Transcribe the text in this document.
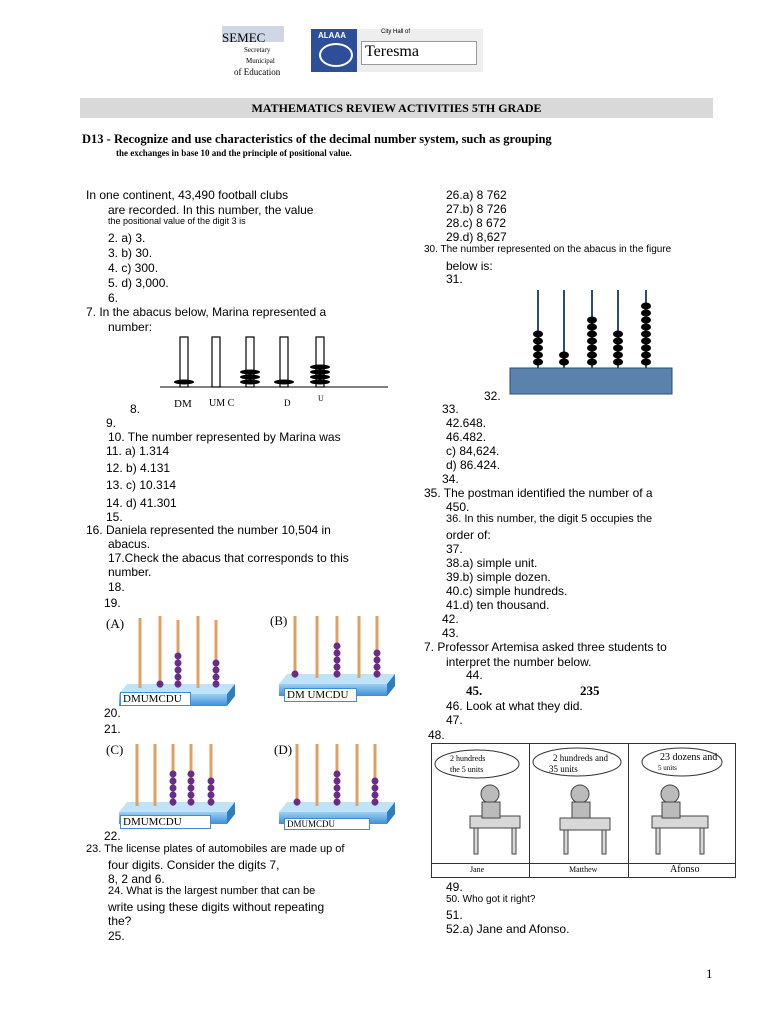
SEMEC
Secretary
Municipal
of Education
ALAAA	City Hall of
Teresma
MATHEMATICS REVIEW ACTIVITIES 5TH GRADE
D13 - Recognize and use characteristics of the decimal number system, such as grouping
the exchanges in base 10 and the principle of positional value.
In one continent, 43,490 football clubs
are recorded. In this number, the value
the positional value of the digit 3 is
2. a) 3.
3. b) 30.
4. c) 300.
5. d) 3,000.
6.
7. In the abacus below, Marina represented a
number:
DM UM C	D	U
8.
9.
10. The number represented by Marina was
11. a) 1.314
12. b) 4.131
13. c) 10.314
14. d) 41.301
15.
16. Daniela represented the number 10,504 in
abacus.
17.Check the abacus that corresponds to this
number.
18.
19.
(A)	(B)
(C)	(D)
DMUMCDU	DM UMCDU
DMUMCDU	DMUMCDU
20.
21.
22.
23. The license plates of automobiles are made up of
four digits. Consider the digits 7,
8, 2 and 6.
24. What is the largest number that can be
write using these digits without repeating
the?
25.
26.a) 8 762
27.b) 8 726
28.c) 8 672
29.d) 8,627
30. The number represented on the abacus in the figure
below is:
31.
32.
33.
42.648.
46.482.
c) 84,624.
d) 86.424.
34.
35. The postman identified the number of a
450.
36. In this number, the digit 5 occupies the
order of:
37.
38.a) simple unit.
39.b) simple dozen.
40.c) simple hundreds.
41.d) ten thousand.
42.
43.
7. Professor Artemisa asked three students to
interpret the number below.
44.
45.	235
46. Look at what they did.
47.
48.
2 hundreds
the 5 units
2 hundreds and
35 units
23 dozens and
5 units
Jane	Matthew	Afonso
49.
50. Who got it right?
51.
52.a) Jane and Afonso.
1
